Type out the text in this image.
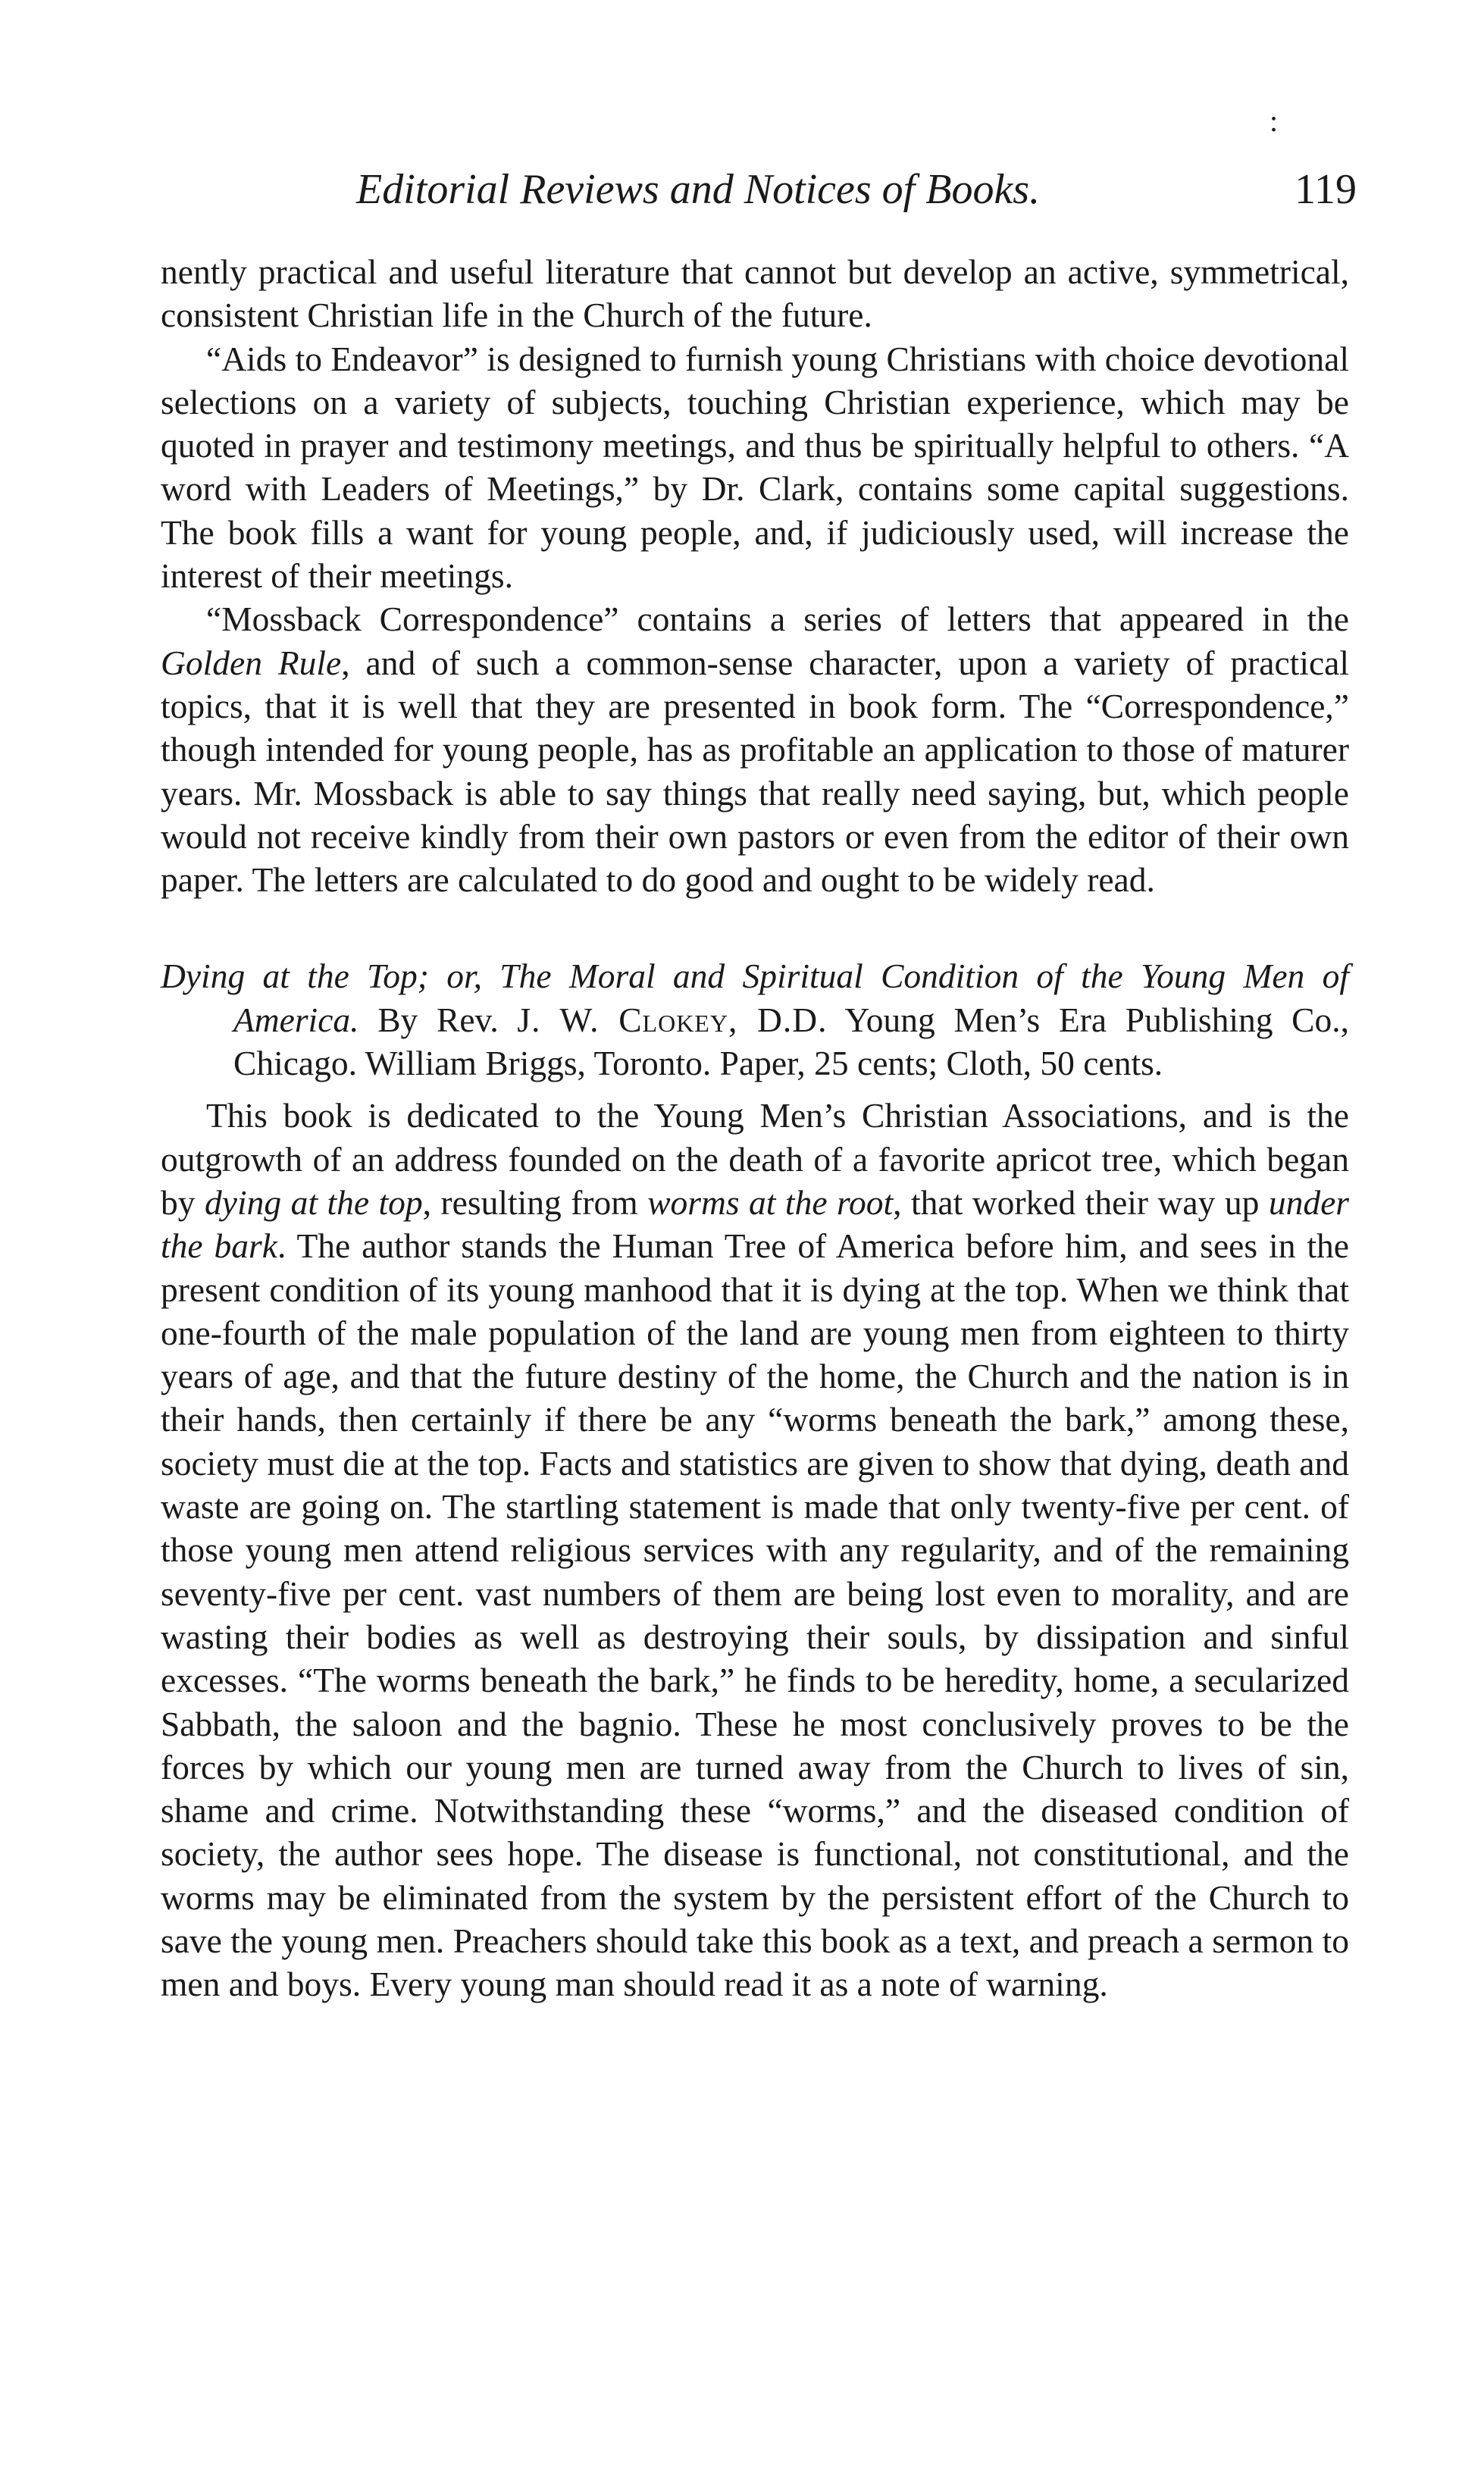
:
Editorial Reviews and Notices of Books.	119

nently practical and useful literature that cannot but develop an active, symmetrical, consistent Christian life in the Church of the future.

“Aids to Endeavor” is designed to furnish young Christians with choice devotional selections on a variety of subjects, touching Christian experience, which may be quoted in prayer and testimony meetings, and thus be spiritually helpful to others. “A word with Leaders of Meetings,” by Dr. Clark, contains some capital suggestions. The book fills a want for young people, and, if judiciously used, will increase the interest of their meetings.

“Mossback Correspondence” contains a series of letters that appeared in the Golden Rule, and of such a common-sense character, upon a variety of practical topics, that it is well that they are presented in book form. The “Correspondence,” though intended for young people, has as profitable an application to those of maturer years. Mr. Mossback is able to say things that really need saying, but, which people would not receive kindly from their own pastors or even from the editor of their own paper. The letters are calculated to do good and ought to be widely read.

Dying at the Top; or, The Moral and Spiritual Condition of the Young Men of America. By Rev. J. W. Clokey, D.D. Young Men’s Era Publishing Co., Chicago. William Briggs, Toronto. Paper, 25 cents; Cloth, 50 cents.

This book is dedicated to the Young Men’s Christian Associations, and is the outgrowth of an address founded on the death of a favorite apricot tree, which began by dying at the top, resulting from worms at the root, that worked their way up under the bark. The author stands the Human Tree of America before him, and sees in the present condition of its young manhood that it is dying at the top. When we think that one-fourth of the male population of the land are young men from eighteen to thirty years of age, and that the future destiny of the home, the Church and the nation is in their hands, then certainly if there be any “worms beneath the bark,” among these, society must die at the top. Facts and statistics are given to show that dying, death and waste are going on. The startling statement is made that only twenty-five per cent. of those young men attend religious services with any regularity, and of the remaining seventy-five per cent. vast numbers of them are being lost even to morality, and are wasting their bodies as well as destroying their souls, by dissipation and sinful excesses. “The worms beneath the bark,” he finds to be heredity, home, a secularized Sabbath, the saloon and the bagnio. These he most conclusively proves to be the forces by which our young men are turned away from the Church to lives of sin, shame and crime. Notwithstanding these “worms,” and the diseased condition of society, the author sees hope. The disease is functional, not constitutional, and the worms may be eliminated from the system by the persistent effort of the Church to save the young men. Preachers should take this book as a text, and preach a sermon to men and boys. Every young man should read it as a note of warning.
